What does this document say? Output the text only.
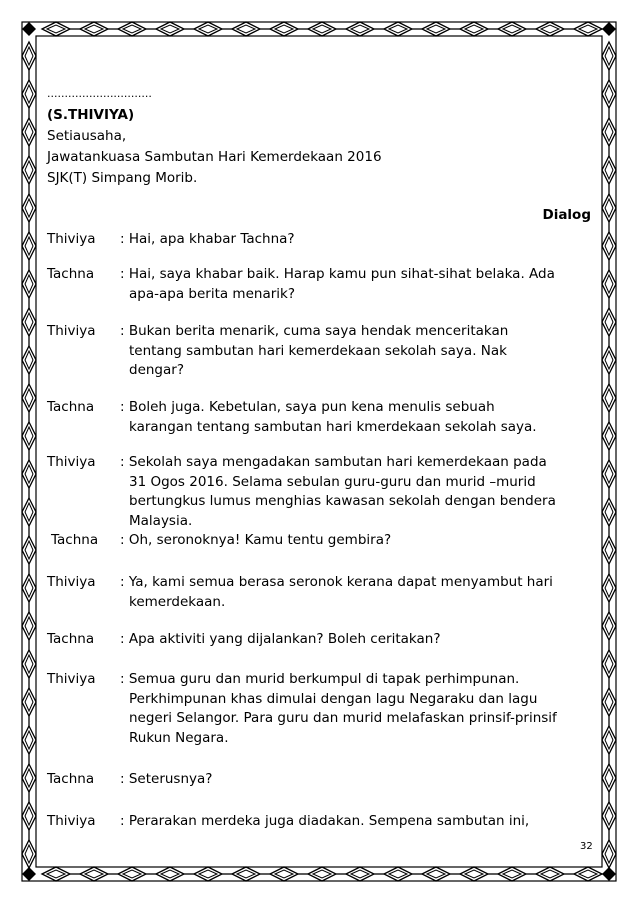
..............................
(S.THIVIYA)
Setiausaha,
Jawatankuasa Sambutan Hari Kemerdekaan 2016
SJK(T) Simpang Morib.
Dialog
Thiviya : Hai, apa khabar Tachna?
Tachna : Hai, saya khabar baik. Harap kamu pun sihat-sihat belaka. Ada
apa-apa berita menarik?
Thiviya : Bukan berita menarik, cuma saya hendak menceritakan
tentang sambutan hari kemerdekaan sekolah saya. Nak
dengar?
Tachna : Boleh juga. Kebetulan, saya pun kena menulis sebuah
karangan tentang sambutan hari kmerdekaan sekolah saya.
Thiviya : Sekolah saya mengadakan sambutan hari kemerdekaan pada
31 Ogos 2016. Selama sebulan guru-guru dan murid –murid
bertungkus lumus menghias kawasan sekolah dengan bendera
Malaysia.
Tachna : Oh, seronoknya! Kamu tentu gembira?
Thiviya : Ya, kami semua berasa seronok kerana dapat menyambut hari
kemerdekaan.
Tachna : Apa aktiviti yang dijalankan? Boleh ceritakan?
Thiviya : Semua guru dan murid berkumpul di tapak perhimpunan.
Perkhimpunan khas dimulai dengan lagu Negaraku dan lagu
negeri Selangor. Para guru dan murid melafaskan prinsif-prinsif
Rukun Negara.
Tachna : Seterusnya?
Thiviya : Perarakan merdeka juga diadakan. Sempena sambutan ini,
32
